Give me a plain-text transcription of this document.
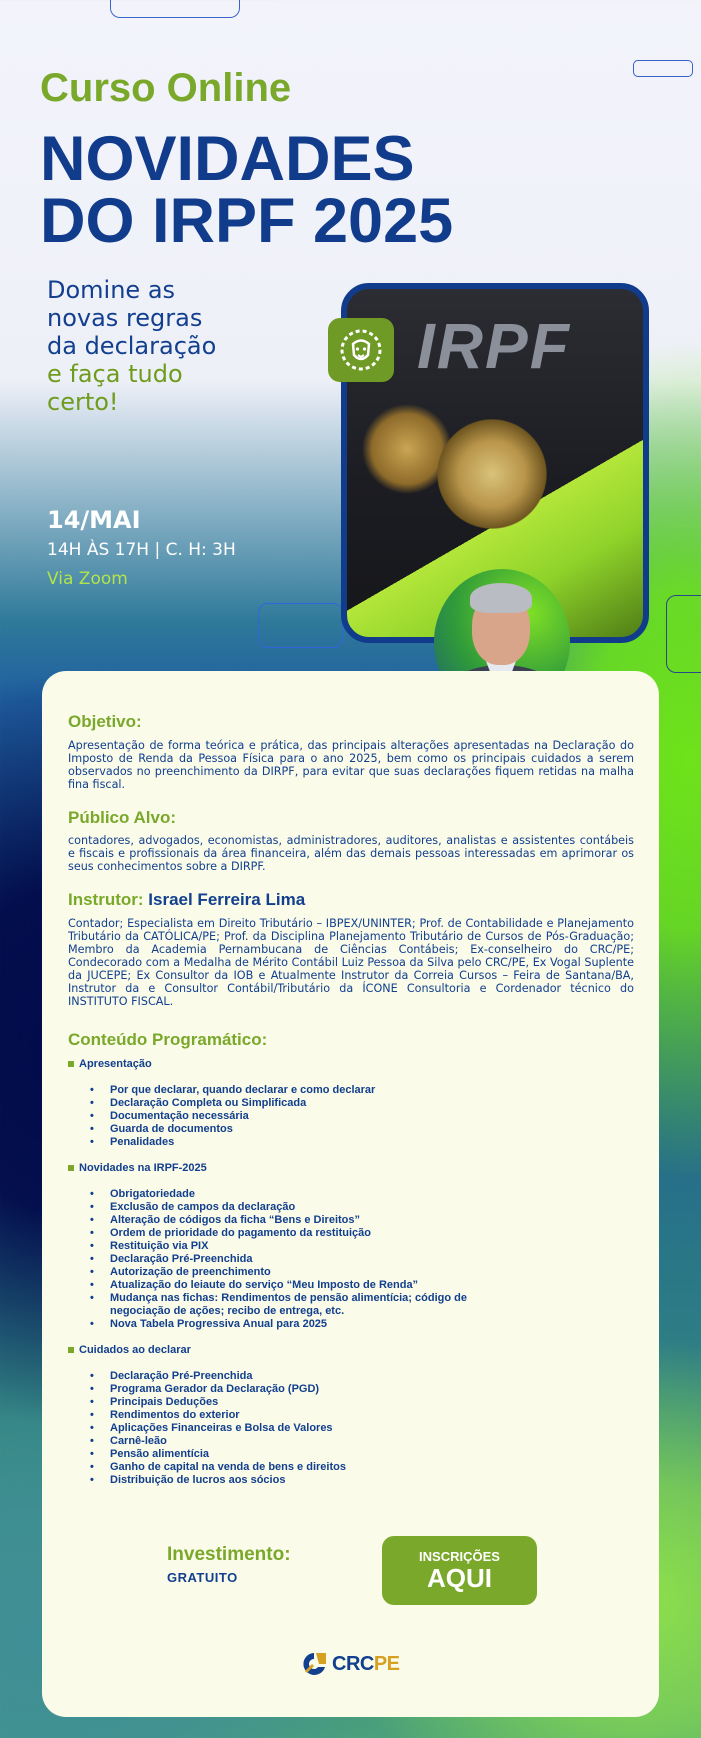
Curso Online
NOVIDADES
DO IRPF 2025
Domine as
novas regras
da declaração
e faça tudo
certo!
14/MAI
14H ÀS 17H | C. H: 3H
Via Zoom
IRPF
Objetivo:
Apresentação de forma teórica e prática, das principais alterações apresentadas na Declaração do Imposto de Renda da Pessoa Física para o ano 2025, bem como os principais cuidados a serem observados no preenchimento da DIRPF, para evitar que suas declarações fiquem retidas na malha fina fiscal.
Público Alvo:
contadores, advogados, economistas, administradores, auditores, analistas e assistentes contábeis e fiscais e profissionais da área financeira, além das demais pessoas interessadas em aprimorar os seus conhecimentos sobre a DIRPF.
Instrutor: Israel Ferreira Lima
Contador; Especialista em Direito Tributário – IBPEX/UNINTER; Prof. de Contabilidade e Planejamento Tributário da CATÓLICA/PE; Prof. da Disciplina Planejamento Tributário de Cursos de Pós-Graduação; Membro da Academia Pernambucana de Ciências Contábeis; Ex-conselheiro do CRC/PE; Condecorado com a Medalha de Mérito Contábil Luiz Pessoa da Silva pelo CRC/PE, Ex Vogal Suplente da JUCEPE; Ex Consultor da IOB e Atualmente Instrutor da Correia Cursos – Feira de Santana/BA, Instrutor da e Consultor Contábil/Tributário da ÍCONE Consultoria e Cordenador técnico do INSTITUTO FISCAL.
Conteúdo Programático:
Apresentação
• Por que declarar, quando declarar e como declarar
• Declaração Completa ou Simplificada
• Documentação necessária
• Guarda de documentos
• Penalidades
Novidades na IRPF-2025
• Obrigatoriedade
• Exclusão de campos da declaração
• Alteração de códigos da ficha “Bens e Direitos”
• Ordem de prioridade do pagamento da restituição
• Restituição via PIX
• Declaração Pré-Preenchida
• Autorização de preenchimento
• Atualização do leiaute do serviço “Meu Imposto de Renda”
• Mudança nas fichas: Rendimentos de pensão alimentícia; código de negociação de ações; recibo de entrega, etc.
• Nova Tabela Progressiva Anual para 2025
Cuidados ao declarar
• Declaração Pré-Preenchida
• Programa Gerador da Declaração (PGD)
• Principais Deduções
• Rendimentos do exterior
• Aplicações Financeiras e Bolsa de Valores
• Carnê-leão
• Pensão alimentícia
• Ganho de capital na venda de bens e direitos
• Distribuição de lucros aos sócios
Investimento:
GRATUITO
INSCRIÇÕES
AQUI
CRCPE
